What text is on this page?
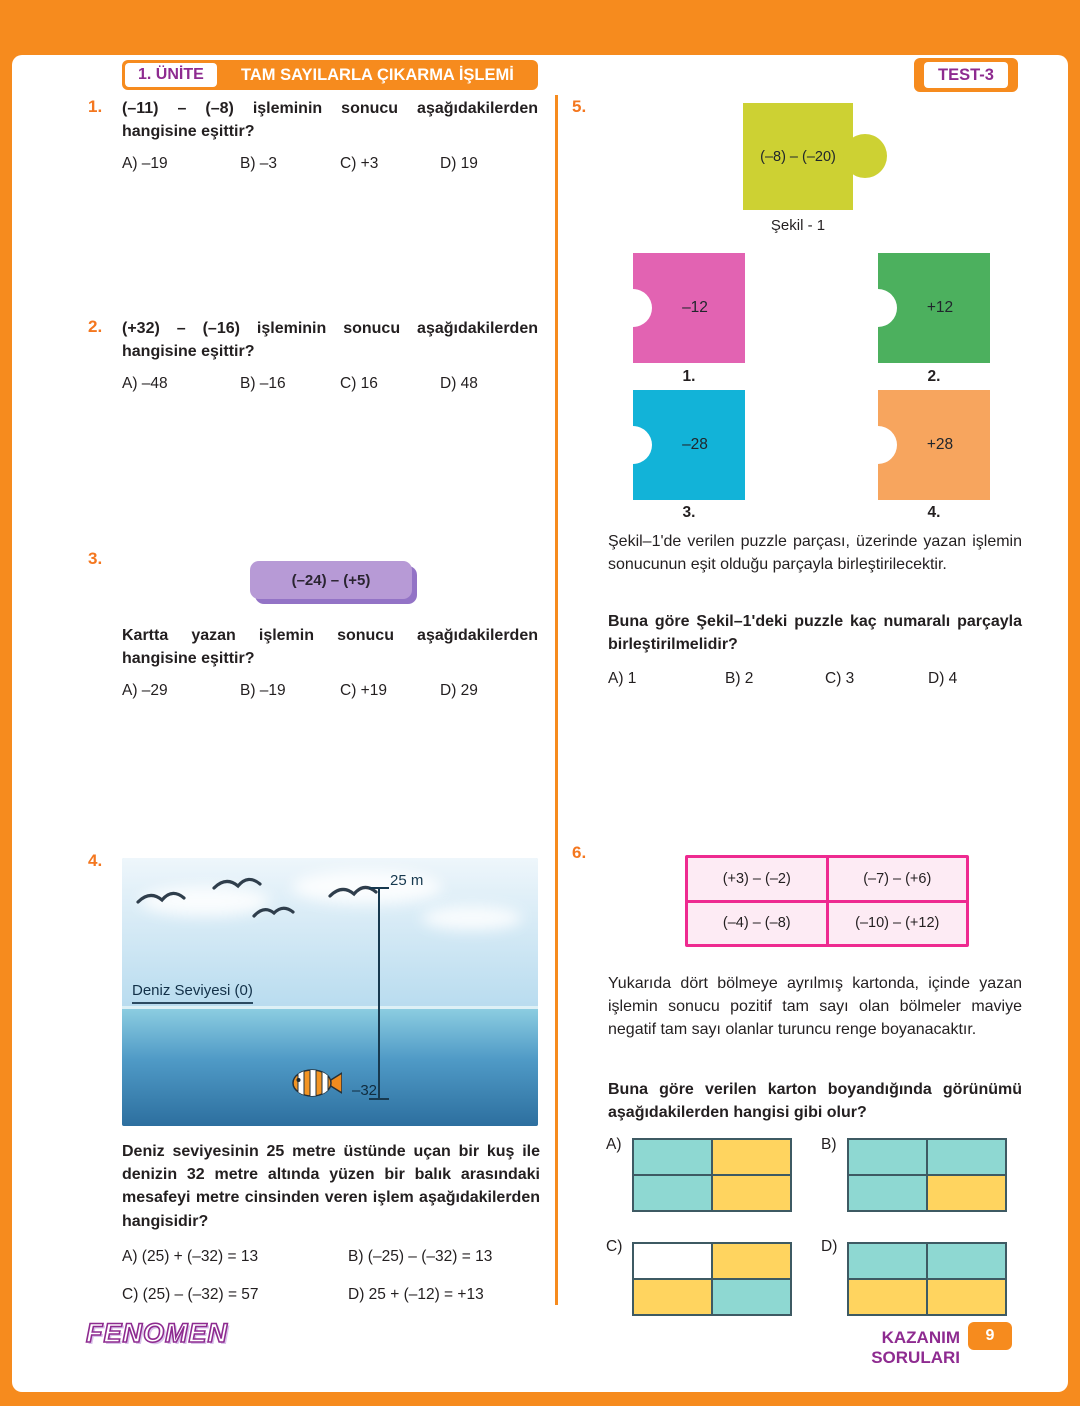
1. ÜNİTE	TAM SAYILARLA ÇIKARMA İŞLEMİ	TEST-3
1. (–11) – (–8) işleminin sonucu aşağıdakilerden hangisine eşittir?
A) –19	B) –3	C) +3	D) 19
2. (+32) – (–16) işleminin sonucu aşağıdakilerden hangisine eşittir?
A) –48	B) –16	C) 16	D) 48
3.
(–24) – (+5)
Kartta yazan işlemin sonucu aşağıdakilerden hangisine eşittir?
A) –29	B) –19	C) +19	D) 29
4.
25 m
Deniz Seviyesi (0)
–32
Deniz seviyesinin 25 metre üstünde uçan bir kuş ile denizin 32 metre altında yüzen bir balık arasındaki mesafeyi metre cinsinden veren işlem aşağıdakilerden hangisidir?
A) (25) + (–32) = 13	B) (–25) – (–32) = 13
C) (25) – (–32) = 57	D) 25 + (–12) = +13
5.
(–8) – (–20)
Şekil - 1
–12	+12
–28	+28
1.	2.
3.	4.
Şekil–1'de verilen puzzle parçası, üzerinde yazan işlemin sonucunun eşit olduğu parçayla birleştirilecektir.
Buna göre Şekil–1'deki puzzle kaç numaralı parçayla birleştirilmelidir?
A) 1	B) 2	C) 3	D) 4
6.
(+3) – (–2)	(–7) – (+6)
(–4) – (–8)	(–10) – (+12)
Yukarıda dört bölmeye ayrılmış kartonda, içinde yazan işlemin sonucu pozitif tam sayı olan bölmeler maviye negatif tam sayı olanlar turuncu renge boyanacaktır.
Buna göre verilen karton boyandığında görünümü aşağıdakilerden hangisi gibi olur?
A)	B)
C)	D)
FENOMEN	KAZANIM SORULARI
9
